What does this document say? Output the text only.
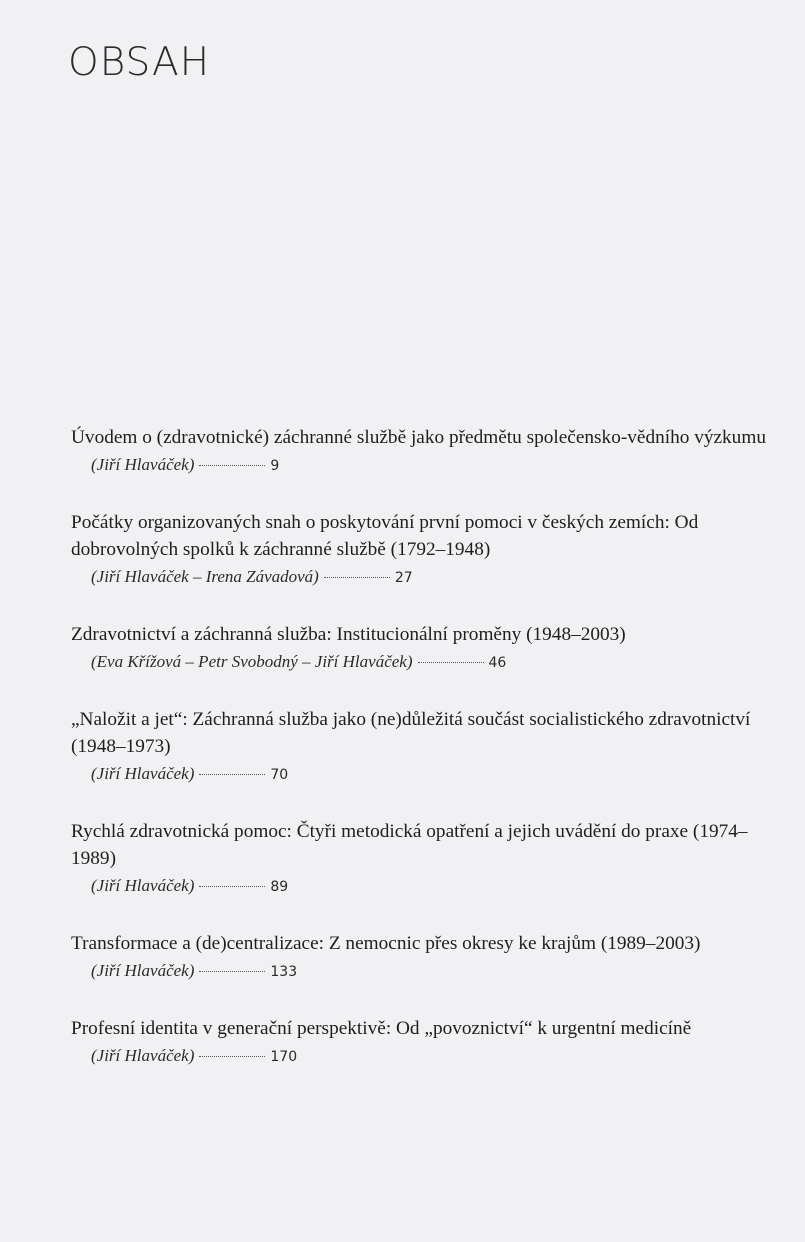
OBSAH
Úvodem o (zdravotnické) záchranné službě jako předmětu společensko-vědního výzkumu
(Jiří Hlaváček)	9
Počátky organizovaných snah o poskytování první pomoci v českých zemích: Od dobrovolných spolků k záchranné službě (1792–1948)
(Jiří Hlaváček – Irena Závadová)	27
Zdravotnictví a záchranná služba: Institucionální proměny (1948–2003)
(Eva Křížová – Petr Svobodný – Jiří Hlaváček)	46
„Naložit a jet“: Záchranná služba jako (ne)důležitá součást socialistického zdravotnictví (1948–1973)
(Jiří Hlaváček)	70
Rychlá zdravotnická pomoc: Čtyři metodická opatření a jejich uvádění do praxe (1974–1989)
(Jiří Hlaváček)	89
Transformace a (de)centralizace: Z nemocnic přes okresy ke krajům (1989–2003)
(Jiří Hlaváček)	133
Profesní identita v generační perspektivě: Od „povoznictví“ k urgentní medicíně
(Jiří Hlaváček)	170
